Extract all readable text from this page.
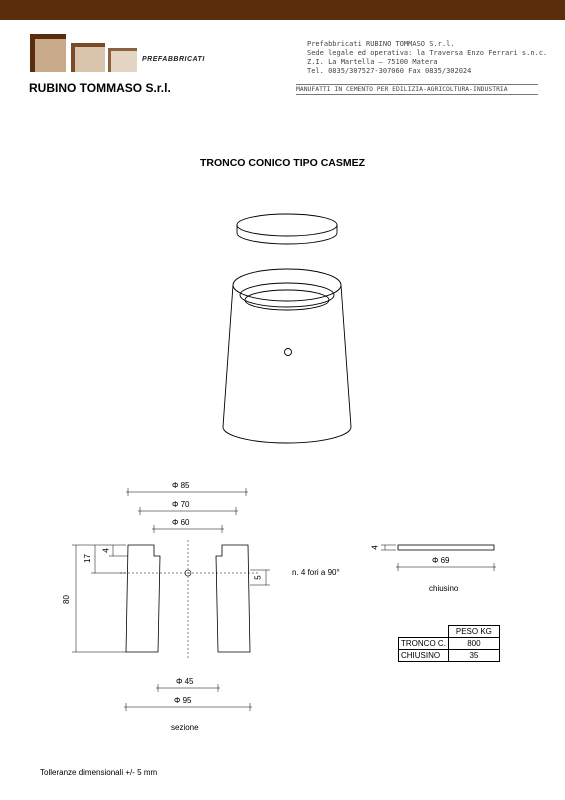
PREFABBRICATI
RUBINO TOMMASO S.r.l.
Prefabbricati RUBINO TOMMASO S.r.l.
Sede legale ed operativa: la Traversa Enzo Ferrari s.n.c.
Z.I. La Martella — 75100 Matera
Tel. 0835/307527-307060 Fax 0835/302024
MANUFATTI IN CEMENTO PER EDILIZIA-AGRICOLTURA-INDUSTRIA
TRONCO CONICO TIPO CASMEZ
Φ 85
Φ 70
Φ 60
Φ 45
Φ 95
Φ 69
80
17
4
5
4
n. 4 fori a 90°
chiusino
sezione
	PESO KG
TRONCO C.	800
CHIUSINO	35
Tolleranze dimensionali +/- 5 mm
